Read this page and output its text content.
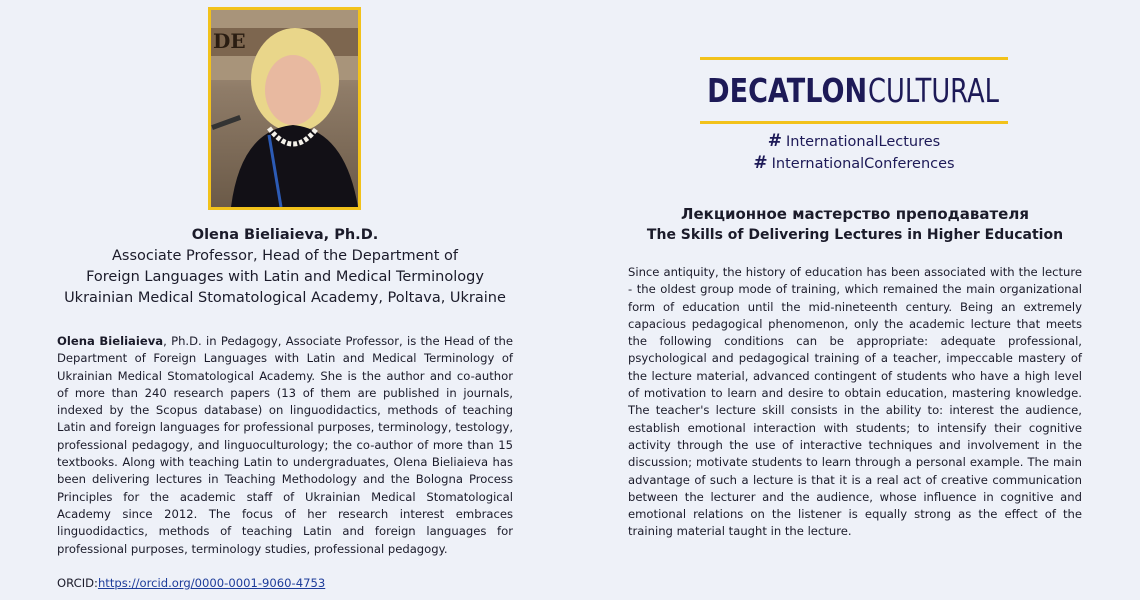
DE
Olena Bieliaieva, Ph.D.
Associate Professor, Head of the Department of
Foreign Languages with Latin and Medical Terminology
Ukrainian Medical Stomatological Academy, Poltava, Ukraine
Olena Bieliaieva, Ph.D. in Pedagogy, Associate Professor, is the Head of the Department of Foreign Languages with Latin and Medical Terminology of Ukrainian Medical Stomatological Academy. She is the author and co-author of more than 240 research papers (13 of them are published in journals, indexed by the Scopus database) on linguodidactics, methods of teaching Latin and foreign languages for professional purposes, terminology, testology, professional pedagogy, and linguoculturology; the co-author of more than 15 textbooks. Along with teaching Latin to undergraduates, Olena Bieliaieva has been delivering lectures in Teaching Methodology and the Bologna Process Principles for the academic staff of Ukrainian Medical Stomatological Academy since 2012. The focus of her research interest embraces linguodidactics, methods of teaching Latin and foreign languages for professional purposes, terminology studies, professional pedagogy.
ORCID:https://orcid.org/0000-0001-9060-4753
DECATLONCULTURAL
# InternationalLectures
# InternationalConferences
Лекционное мастерство преподавателя
The Skills of Delivering Lectures in Higher Education
Since antiquity, the history of education has been associated with the lecture - the oldest group mode of training, which remained the main organizational form of education until the mid-nineteenth century. Being an extremely capacious pedagogical phenomenon, only the academic lecture that meets the following conditions can be appropriate: adequate professional, psychological and pedagogical training of a teacher, impeccable mastery of the lecture material, advanced contingent of students who have a high level of motivation to learn and desire to obtain education, mastering knowledge. The teacher's lecture skill consists in the ability to: interest the audience, establish emotional interaction with students; to intensify their cognitive activity through the use of interactive techniques and involvement in the discussion; motivate students to learn through a personal example. The main advantage of such a lecture is that it is a real act of creative communication between the lecturer and the audience, whose influence in cognitive and emotional relations on the listener is equally strong as the effect of the training material taught in the lecture.
